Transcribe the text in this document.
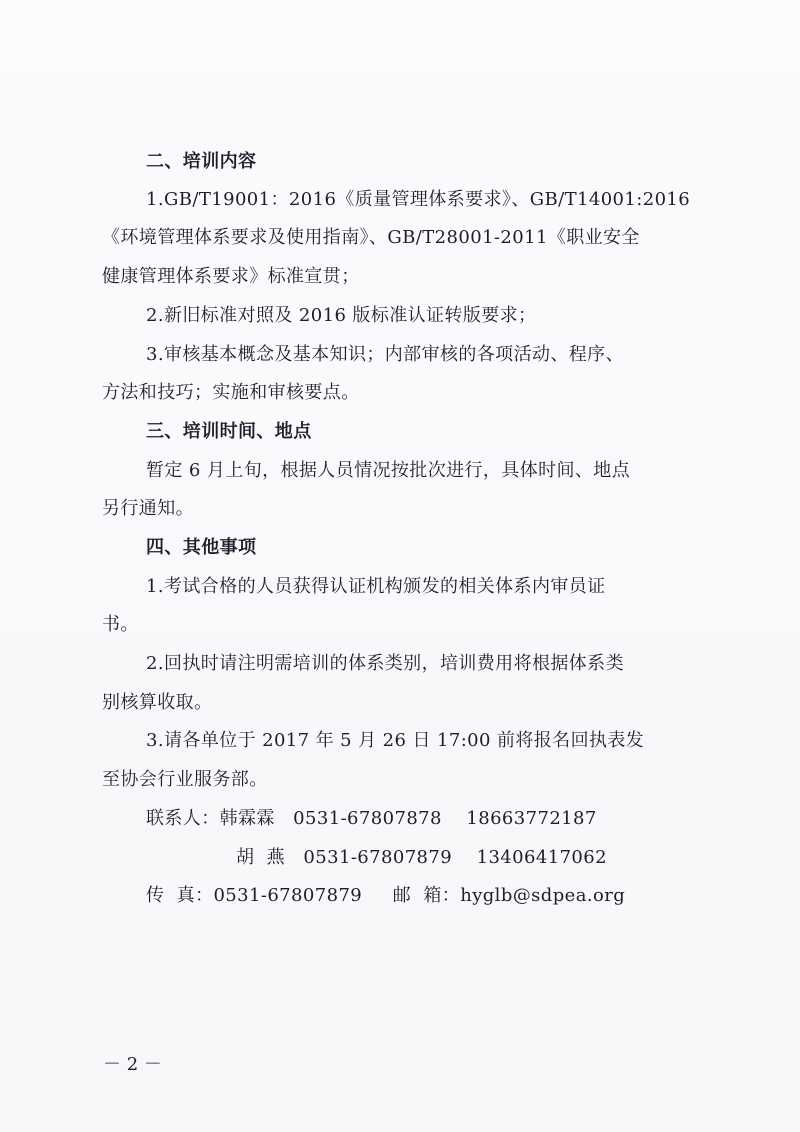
二、培训内容
1.GB/T19001：2016《质量管理体系要求》、GB/T14001:2016
《环境管理体系要求及使用指南》、GB/T28001-2011《职业安全
健康管理体系要求》标准宣贯；
2.新旧标准对照及 2016 版标准认证转版要求；
3.审核基本概念及基本知识；内部审核的各项活动、程序、
方法和技巧；实施和审核要点。
三、培训时间、地点
暂定 6 月上旬，根据人员情况按批次进行，具体时间、地点
另行通知。
四、其他事项
1.考试合格的人员获得认证机构颁发的相关体系内审员证
书。
2.回执时请注明需培训的体系类别，培训费用将根据体系类
别核算收取。
3.请各单位于 2017 年 5 月 26 日 17:00 前将报名回执表发
至协会行业服务部。
联系人：韩霖霖   0531-67807878    18663772187
胡  燕   0531-67807879    13406417062
传  真：0531-67807879     邮  箱：hyglb@sdpea.org
－ 2 －
